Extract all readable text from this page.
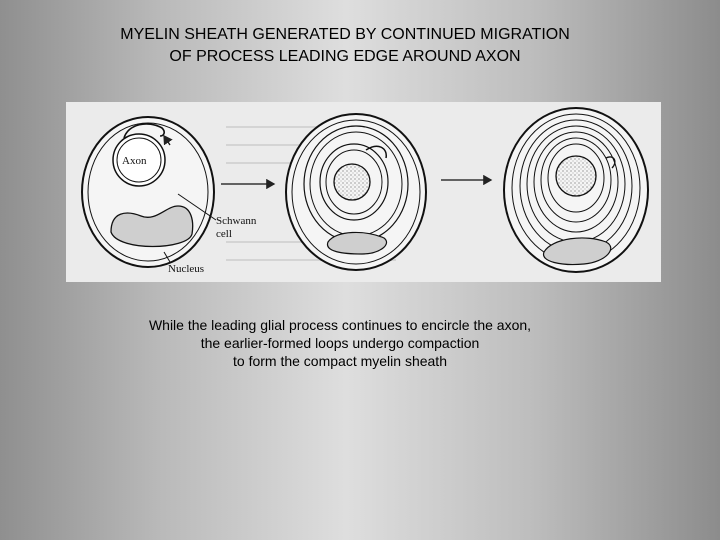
MYELIN SHEATH GENERATED BY CONTINUED MIGRATION
OF PROCESS LEADING EDGE AROUND AXON
Axon
Schwann
cell
Nucleus
While the leading glial process continues to encircle the axon,
the earlier-formed loops undergo compaction
to form the compact myelin sheath
